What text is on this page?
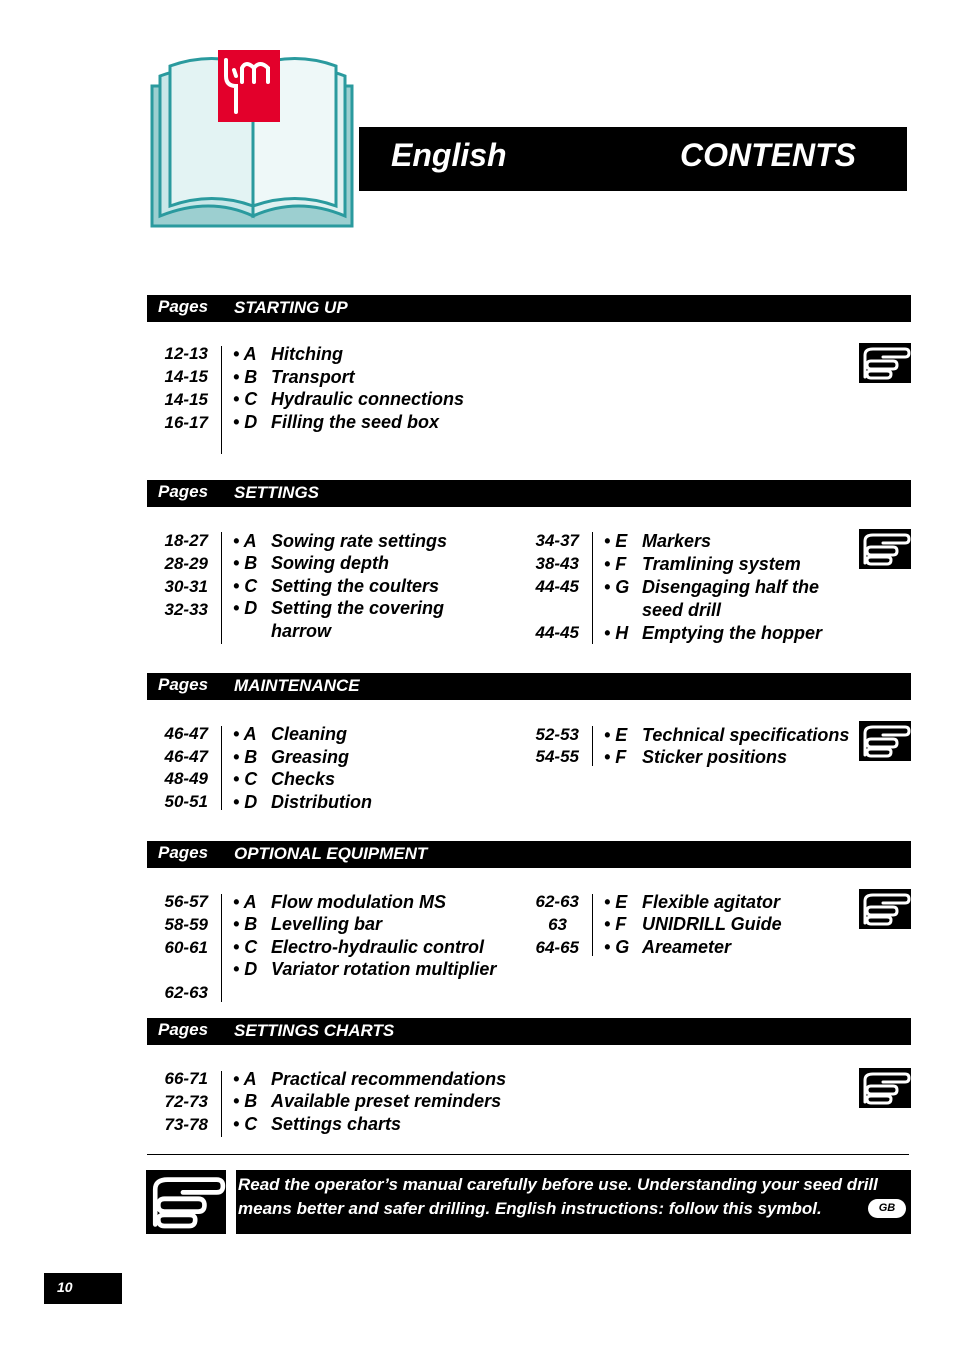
English	CONTENTS
Pages STARTING UP
12-13 • A Hitching
14-15 • B Transport
14-15 • C Hydraulic connections
16-17 • D Filling the seed box
Pages SETTINGS
18-27 • A Sowing rate settings
28-29 • B Sowing depth
30-31 • C Setting the coulters
32-33 • D Setting the covering
harrow
34-37 • E Markers
38-43 • F Tramlining system
44-45 • G Disengaging half the
seed drill
44-45 • H Emptying the hopper
Pages MAINTENANCE
46-47 • A Cleaning
46-47 • B Greasing
48-49 • C Checks
50-51 • D Distribution
52-53 • E Technical specifications
54-55 • F Sticker positions
Pages OPTIONAL EQUIPMENT
56-57 • A Flow modulation MS
58-59 • B Levelling bar
60-61 • C Electro-hydraulic control
• D Variator rotation multiplier
62-63
62-63 • E Flexible agitator
63 • F UNIDRILL Guide
64-65 • G Areameter
Pages SETTINGS CHARTS
66-71 • A Practical recommendations
72-73 • B Available preset reminders
73-78 • C Settings charts
Read the operator’s manual carefully before use. Understanding your seed drill means better and safer drilling. English instructions: follow this symbol.	GB
10
